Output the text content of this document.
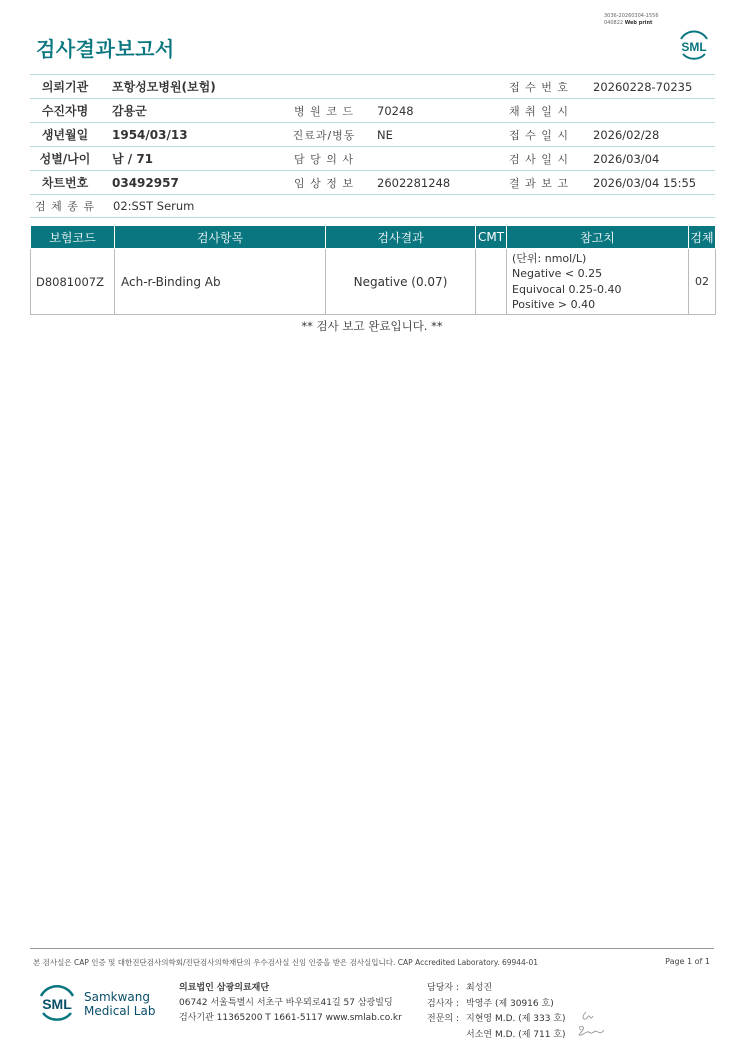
3036-20260304-1556
040822 Web print
검사결과보고서	SML
의뢰기관	포항성모병원(보험)			접 수 번 호	20260228-70235
수진자명	감용군	병 원 코 드	70248	채 취 일 시	
생년월일	1954/03/13	진료과/병동	NE	접 수 일 시	2026/02/28
성별/나이	남 / 71	담 당 의 사		검 사 일 시	2026/03/04
차트번호	03492957	임 상 정 보	2602281248	결 과 보 고	2026/03/04 15:55
검 체 종 류	02:SST Serum				
보험코드	검사항목	검사결과	CMT	참고치	검체
D8081007Z	Ach-r-Binding Ab	Negative (0.07)		(단위: nmol/L)
Negative < 0.25
Equivocal 0.25-0.40
Positive > 0.40	02
** 검사 보고 완료입니다. **
본 검사실은 CAP 인증 및 대한진단검사의학회/진단검사의학재단의 우수검사실 신임 인증을 받은 검사실입니다. CAP Accredited Laboratory. 69944-01	Page 1 of 1
SML Samkwang
Medical Lab
의료법인 삼광의료재단
06742 서울특별시 서초구 바우뫼로41길 57 삼광빌딩
검사기관 11365200 T 1661-5117 www.smlab.co.kr
담당자 : 최성진
검사자 : 박영주 (제 30916 호)
전문의 : 지현영 M.D. (제 333 호)
서소연 M.D. (제 711 호)
